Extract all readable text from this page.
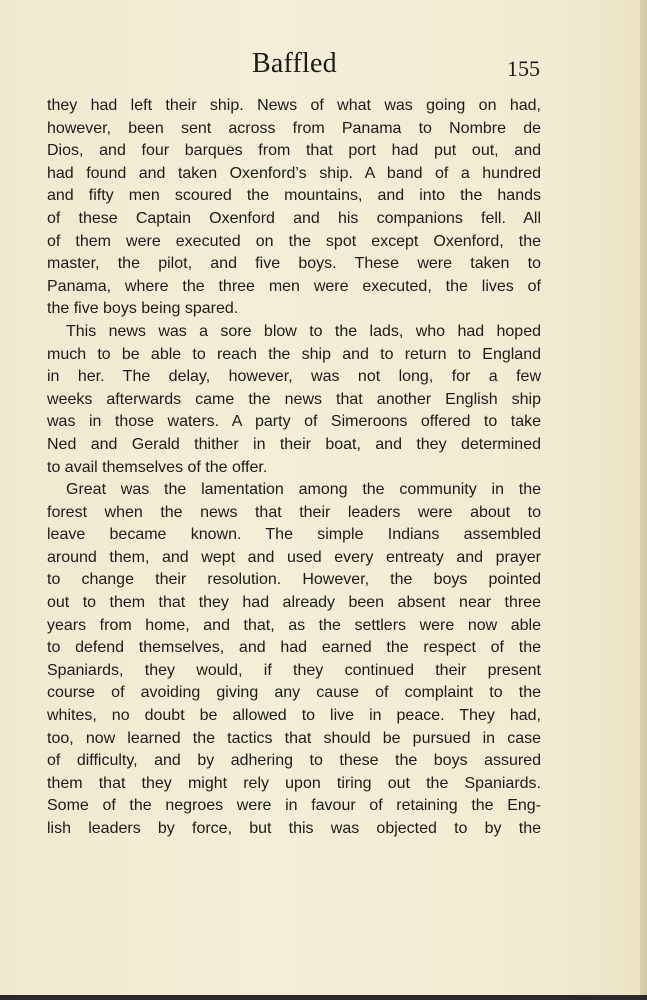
Baffled	155
they had left their ship. News of what was going on had,
however, been sent across from Panama to Nombre de
Dios, and four barques from that port had put out, and
had found and taken Oxenford’s ship. A band of a hundred
and fifty men scoured the mountains, and into the hands
of these Captain Oxenford and his companions fell. All
of them were executed on the spot except Oxenford, the
master, the pilot, and five boys. These were taken to
Panama, where the three men were executed, the lives of
the five boys being spared.
This news was a sore blow to the lads, who had hoped
much to be able to reach the ship and to return to England
in her. The delay, however, was not long, for a few
weeks afterwards came the news that another English ship
was in those waters. A party of Simeroons offered to take
Ned and Gerald thither in their boat, and they determined
to avail themselves of the offer.
Great was the lamentation among the community in the
forest when the news that their leaders were about to
leave became known. The simple Indians assembled
around them, and wept and used every entreaty and prayer
to change their resolution. However, the boys pointed
out to them that they had already been absent near three
years from home, and that, as the settlers were now able
to defend themselves, and had earned the respect of the
Spaniards, they would, if they continued their present
course of avoiding giving any cause of complaint to the
whites, no doubt be allowed to live in peace. They had,
too, now learned the tactics that should be pursued in case
of difficulty, and by adhering to these the boys assured
them that they might rely upon tiring out the Spaniards.
Some of the negroes were in favour of retaining the Eng-
lish leaders by force, but this was objected to by the
